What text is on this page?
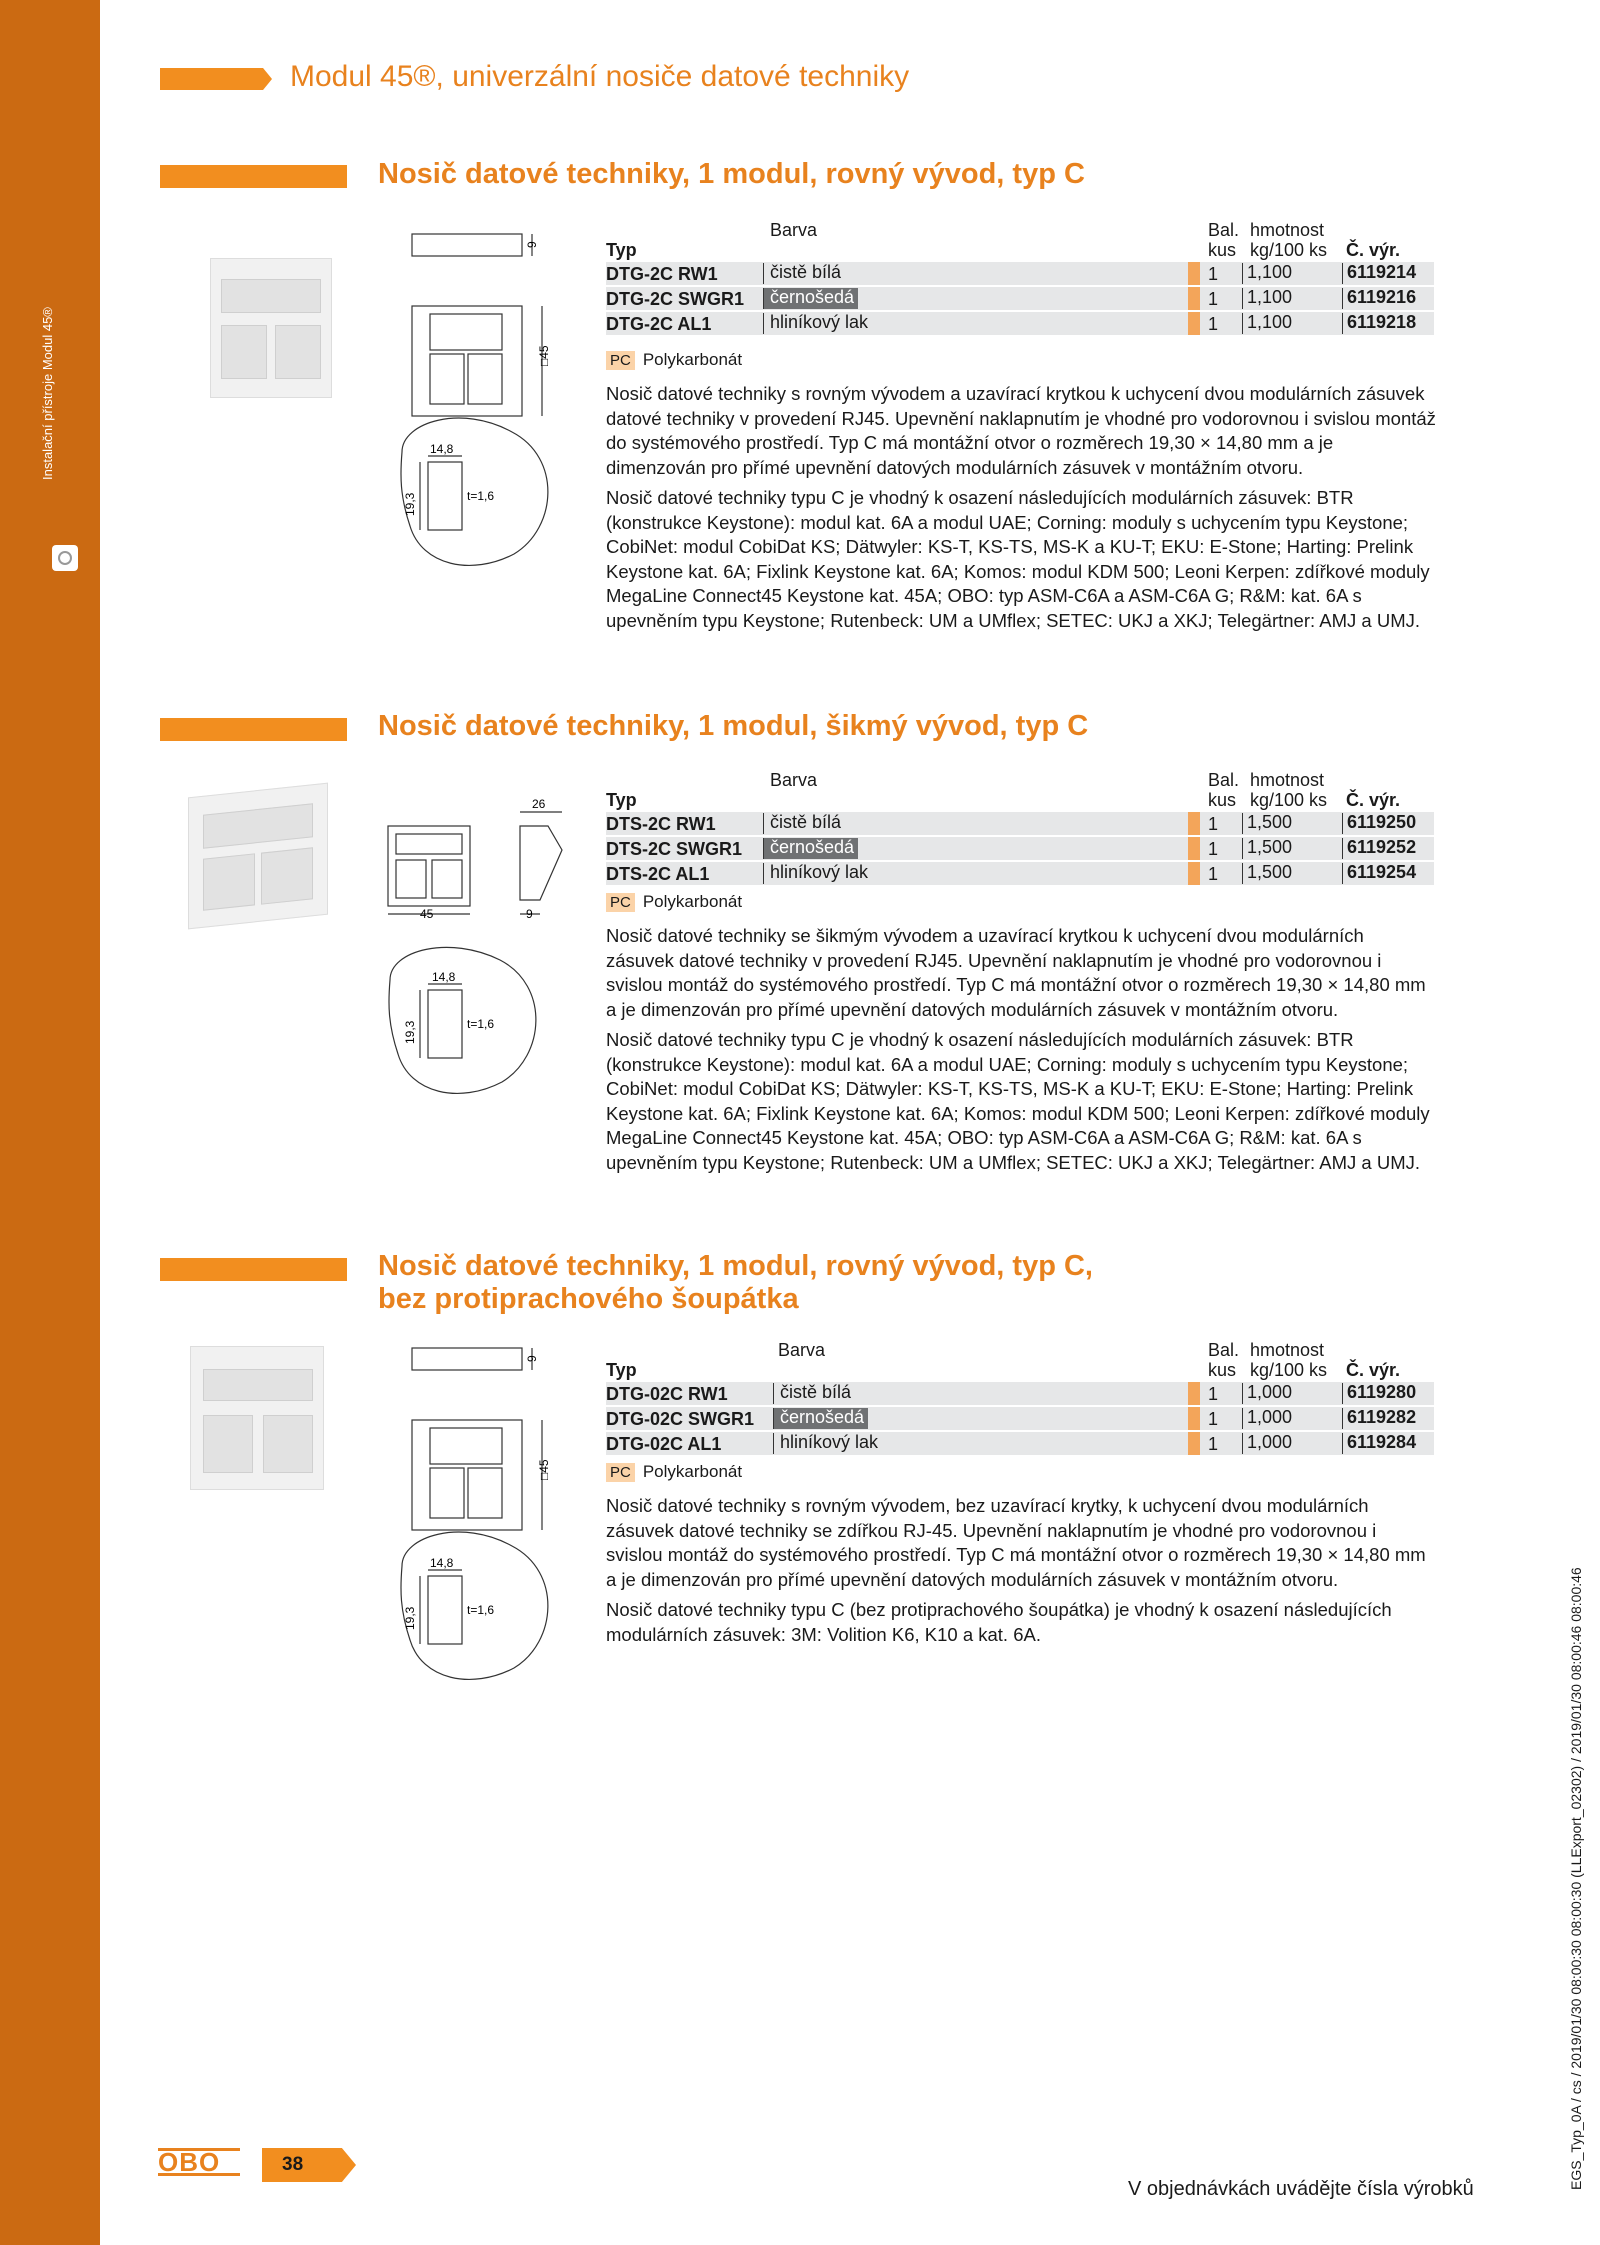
Instalační přístroje Modul 45®
Modul 45®, univerzální nosiče datové techniky
Nosič datové techniky, 1 modul, rovný vývod, typ C
9
□45
14,8
19,3	t=1,6
Barva	Bal. hmotnost
Typ	kus kg/100 ks Č. výr.
DTG-2C RW1	čistě bílá	1 1,100	6119214
DTG-2C SWGR1	černošedá	1 1,100	6119216
DTG-2C AL1	hliníkový lak	1 1,100	6119218
PC Polykarbonát

Nosič datové techniky s rovným vývodem a uzavírací krytkou k uchycení dvou modulárních zásuvek datové techniky v provedení RJ45. Upevnění naklapnutím je vhodné pro vodorovnou i svislou montáž do systémového prostředí. Typ C má montážní otvor o rozměrech 19,30 × 14,80 mm a je dimenzován pro přímé upevnění datových modulárních zásuvek v montážním otvoru.

Nosič datové techniky typu C je vhodný k osazení následujících modulárních zásuvek: BTR (konstrukce Keystone): modul kat. 6A a modul UAE; Corning: moduly s uchycením typu Keystone; CobiNet: modul CobiDat KS; Dätwyler: KS-T, KS-TS, MS-K a KU-T; EKU: E-Stone; Harting: Prelink Keystone kat. 6A; Fixlink Keystone kat. 6A; Komos: modul KDM 500; Leoni Kerpen: zdířkové moduly MegaLine Connect45 Keystone kat. 45A; OBO: typ ASM-C6A a ASM-C6A G; R&M: kat. 6A s upevněním typu Keystone; Rutenbeck: UM a UMflex; SETEC: UKJ a XKJ; Telegärtner: AMJ a UMJ.

Nosič datové techniky, 1 modul, šikmý vývod, typ C
26
45	9
14,8
19,3	t=1,6
Barva	Bal. hmotnost
Typ	kus kg/100 ks Č. výr.
DTS-2C RW1	čistě bílá	1 1,500	6119250
DTS-2C SWGR1	černošedá	1 1,500	6119252
DTS-2C AL1	hliníkový lak	1 1,500	6119254
PC Polykarbonát

Nosič datové techniky se šikmým vývodem a uzavírací krytkou k uchycení dvou modulárních zásuvek datové techniky v provedení RJ45. Upevnění naklapnutím je vhodné pro vodorovnou i svislou montáž do systémového prostředí. Typ C má montážní otvor o rozměrech 19,30 × 14,80 mm a je dimenzován pro přímé upevnění datových modulárních zásuvek v montážním otvoru.

Nosič datové techniky typu C je vhodný k osazení následujících modulárních zásuvek: BTR (konstrukce Keystone): modul kat. 6A a modul UAE; Corning: moduly s uchycením typu Keystone; CobiNet: modul CobiDat KS; Dätwyler: KS-T, KS-TS, MS-K a KU-T; EKU: E-Stone; Harting: Prelink Keystone kat. 6A; Fixlink Keystone kat. 6A; Komos: modul KDM 500; Leoni Kerpen: zdířkové moduly MegaLine Connect45 Keystone kat. 45A; OBO: typ ASM-C6A a ASM-C6A G; R&M: kat. 6A s upevněním typu Keystone; Rutenbeck: UM a UMflex; SETEC: UKJ a XKJ; Telegärtner: AMJ a UMJ.

Nosič datové techniky, 1 modul, rovný vývod, typ C,
bez protiprachového šoupátka
9
□45
14,8
19,3	t=1,6
Barva	Bal. hmotnost
Typ	kus kg/100 ks Č. výr.
DTG-02C RW1	čistě bílá	1 1,000	6119280
DTG-02C SWGR1	černošedá	1 1,000	6119282
DTG-02C AL1	hliníkový lak	1 1,000	6119284
PC Polykarbonát

Nosič datové techniky s rovným vývodem, bez uzavírací krytky, k uchycení dvou modulárních zásuvek datové techniky se zdířkou RJ-45. Upevnění naklapnutím je vhodné pro vodorovnou i svislou montáž do systémového prostředí. Typ C má montážní otvor o rozměrech 19,30 × 14,80 mm a je dimenzován pro přímé upevnění datových modulárních zásuvek v montážním otvoru.

Nosič datové techniky typu C (bez protiprachového šoupátka) je vhodný k osazení následujících modulárních zásuvek: 3M: Volition K6, K10 a kat. 6A.

OBO	38
V objednávkách uvádějte čísla výrobků	EGS_Typ_0A / cs / 2019/01/30 08:00:30 08:00:30 (LLExport_02302) / 2019/01/30 08:00:46 08:00:46
